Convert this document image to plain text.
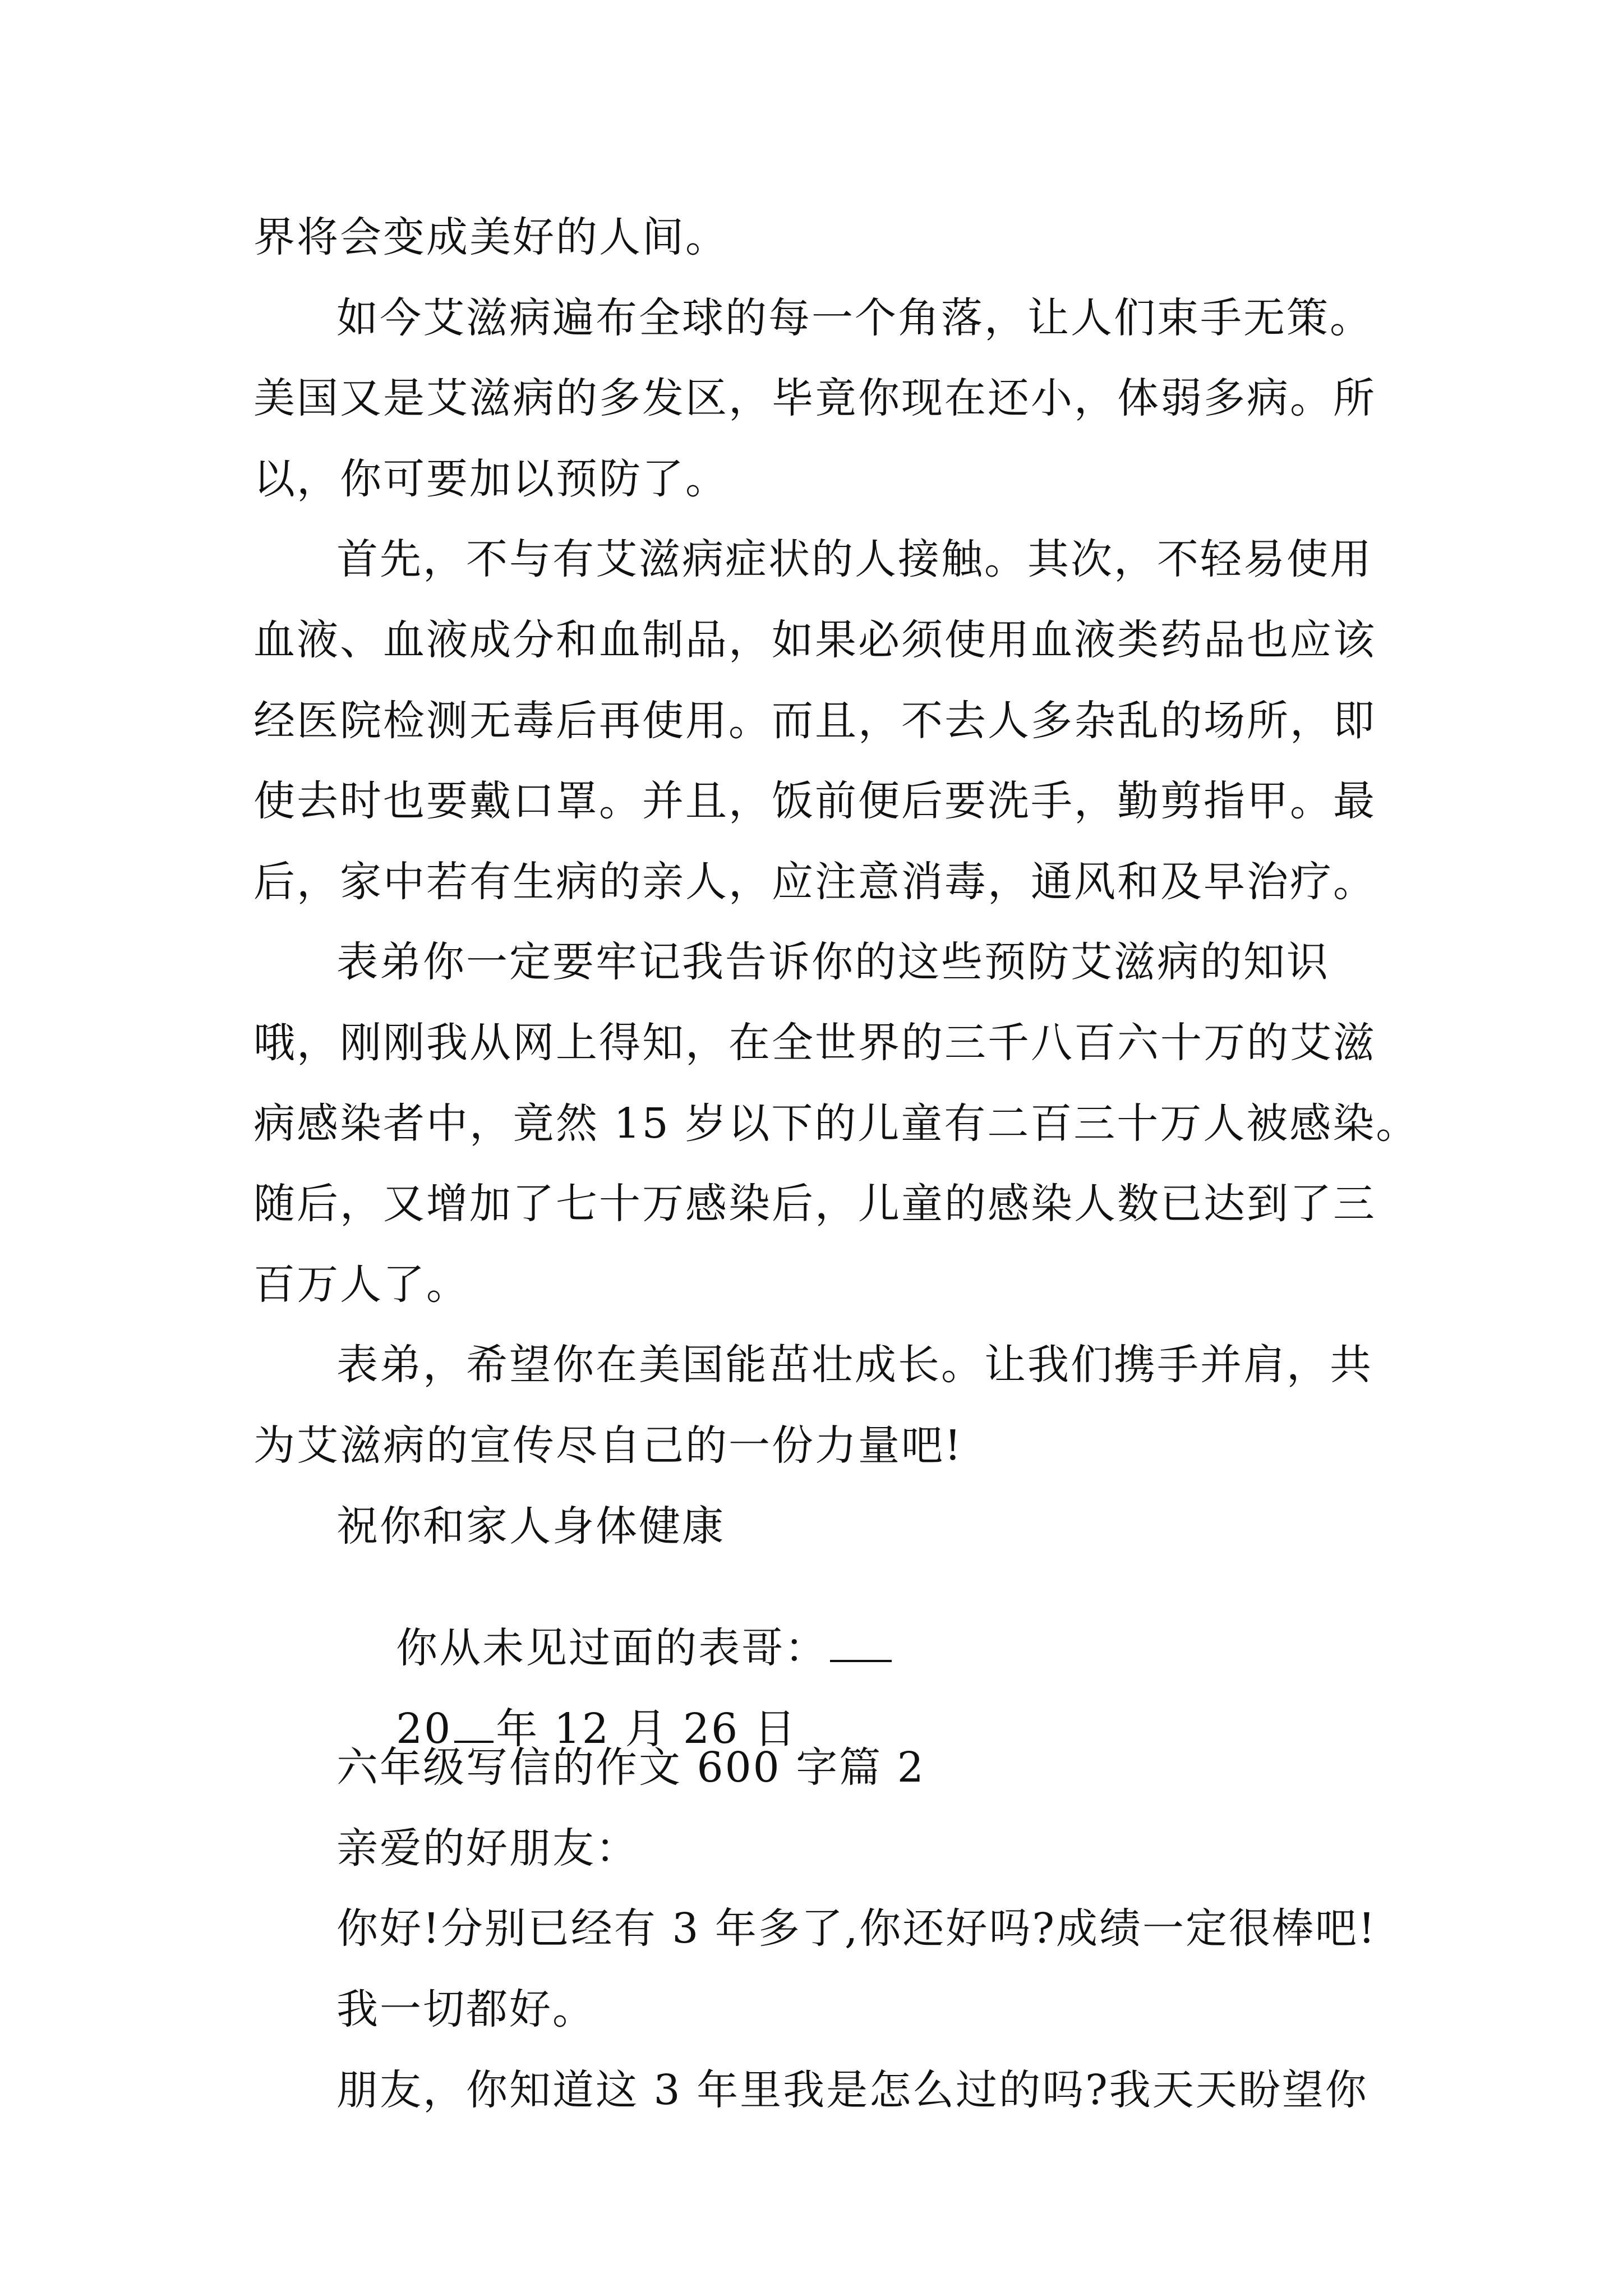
界将会变成美好的人间。
如今艾滋病遍布全球的每一个角落，让人们束手无策。
美国又是艾滋病的多发区，毕竟你现在还小，体弱多病。所
以，你可要加以预防了。
首先，不与有艾滋病症状的人接触。其次，不轻易使用
血液、血液成分和血制品，如果必须使用血液类药品也应该
经医院检测无毒后再使用。而且，不去人多杂乱的场所，即
使去时也要戴口罩。并且，饭前便后要洗手，勤剪指甲。最
后，家中若有生病的亲人，应注意消毒，通风和及早治疗。
表弟你一定要牢记我告诉你的这些预防艾滋病的知识
哦，刚刚我从网上得知，在全世界的三千八百六十万的艾滋
病感染者中，竟然 15 岁以下的儿童有二百三十万人被感染。
随后，又增加了七十万感染后，儿童的感染人数已达到了三
百万人了。
表弟，希望你在美国能茁壮成长。让我们携手并肩，共
为艾滋病的宣传尽自己的一份力量吧!
祝你和家人身体健康

你从未见过面的表哥：

20 年 12 月 26 日

六年级写信的作文 600 字篇 2
亲爱的好朋友：
你好!分别已经有 3 年多了,你还好吗?成绩一定很棒吧!
我一切都好。
朋友，你知道这 3 年里我是怎么过的吗?我天天盼望你
